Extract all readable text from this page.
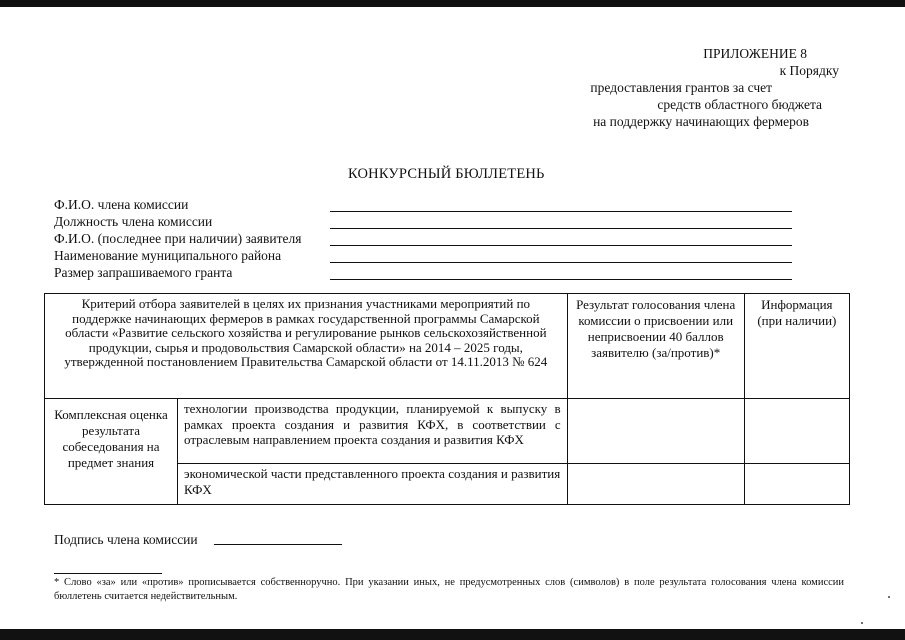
ПРИЛОЖЕНИЕ 8
к Порядку
предоставления грантов за счет
средств областного бюджета
на поддержку начинающих фермеров
КОНКУРСНЫЙ БЮЛЛЕТЕНЬ
Ф.И.О. члена комиссии
Должность члена комиссии
Ф.И.О. (последнее при наличии) заявителя
Наименование муниципального района
Размер запрашиваемого гранта
Критерий отбора заявителей в целях их признания участниками мероприятий по поддержке начинающих фермеров в рамках государственной программы Самарской области «Развитие сельского хозяйства и регулирование рынков сельскохозяйственной продукции, сырья и продовольствия Самарской области» на 2014 – 2025 годы, утвержденной постановлением Правительства Самарской области от 14.11.2013 № 624		Результат голосования члена комиссии о присвоении или неприсвоении 40 баллов заявителю (за/против)*	Информация (при наличии)
Комплексная оценка результата собеседования на предмет знания	технологии производства продукции, планируемой к выпуску в рамках проекта создания и развития КФХ, в соответствии с отраслевым направлением проекта создания и развития КФХ		
	экономической части представленного проекта создания и развития КФХ		
Подпись члена комиссии
* Слово «за» или «против» прописывается собственноручно. При указании иных, не предусмотренных слов (символов) в поле результата голосования члена комиссии бюллетень считается недействительным.
